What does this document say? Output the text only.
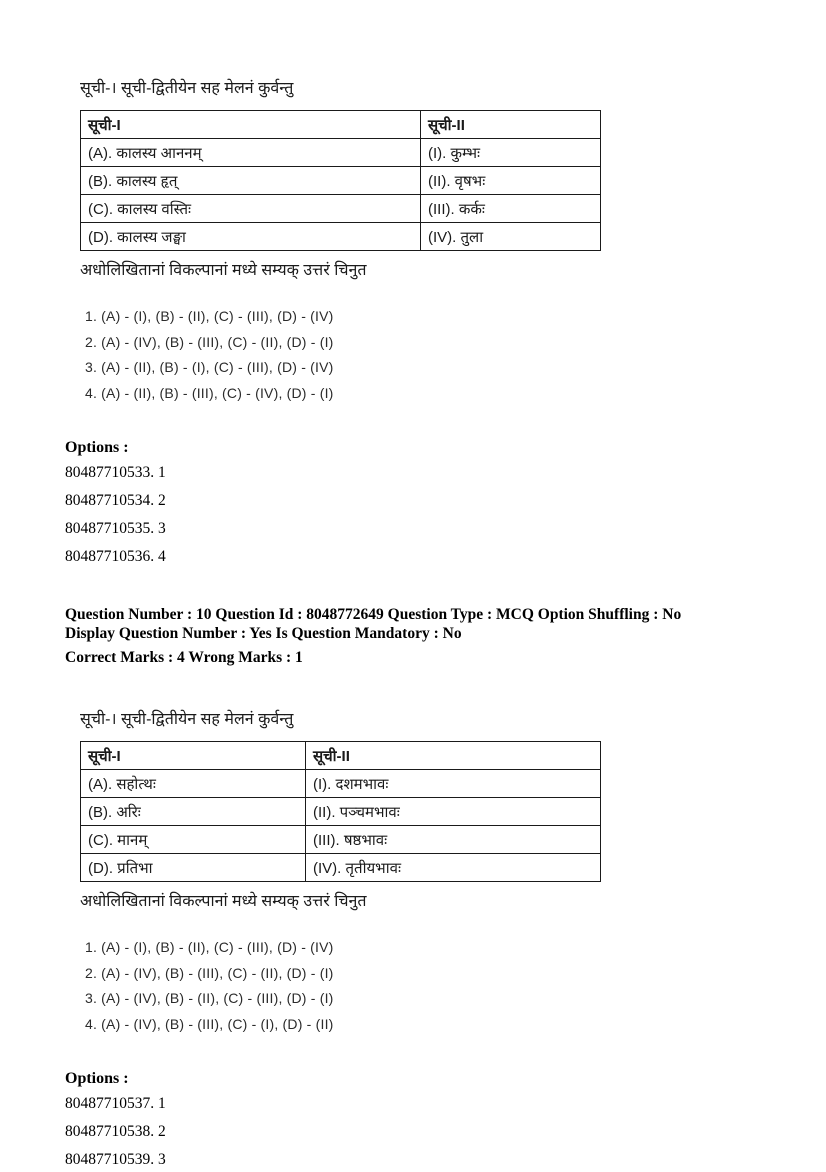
सूची-। सूची-द्वितीयेन सह मेलनं कुर्वन्तु

सूची-I	सूची-II
(A). कालस्य आननम्	(I). कुम्भः
(B). कालस्य हृत्	(II). वृषभः
(C). कालस्य वस्तिः	(III). कर्कः
(D). कालस्य जङ्घा	(IV). तुला

अधोलिखितानां विकल्पानां मध्ये सम्यक् उत्तरं चिनुत

1. (A) - (I), (B) - (II), (C) - (III), (D) - (IV)

2. (A) - (IV), (B) - (III), (C) - (II), (D) - (I)

3. (A) - (II), (B) - (I), (C) - (III), (D) - (IV)

4. (A) - (II), (B) - (III), (C) - (IV), (D) - (I)

Options :

80487710533. 1

80487710534. 2

80487710535. 3

80487710536. 4

Question Number : 10 Question Id : 8048772649 Question Type : MCQ Option Shuffling : No
Display Question Number : Yes Is Question Mandatory : No

Correct Marks : 4 Wrong Marks : 1

सूची-। सूची-द्वितीयेन सह मेलनं कुर्वन्तु

सूची-I	सूची-II
(A). सहोत्थः	(I). दशमभावः
(B). अरिः	(II). पञ्चमभावः
(C). मानम्	(III). षष्ठभावः
(D). प्रतिभा	(IV). तृतीयभावः

अधोलिखितानां विकल्पानां मध्ये सम्यक् उत्तरं चिनुत

1. (A) - (I), (B) - (II), (C) - (III), (D) - (IV)

2. (A) - (IV), (B) - (III), (C) - (II), (D) - (I)

3. (A) - (IV), (B) - (II), (C) - (III), (D) - (I)

4. (A) - (IV), (B) - (III), (C) - (I), (D) - (II)

Options :

80487710537. 1

80487710538. 2

80487710539. 3
